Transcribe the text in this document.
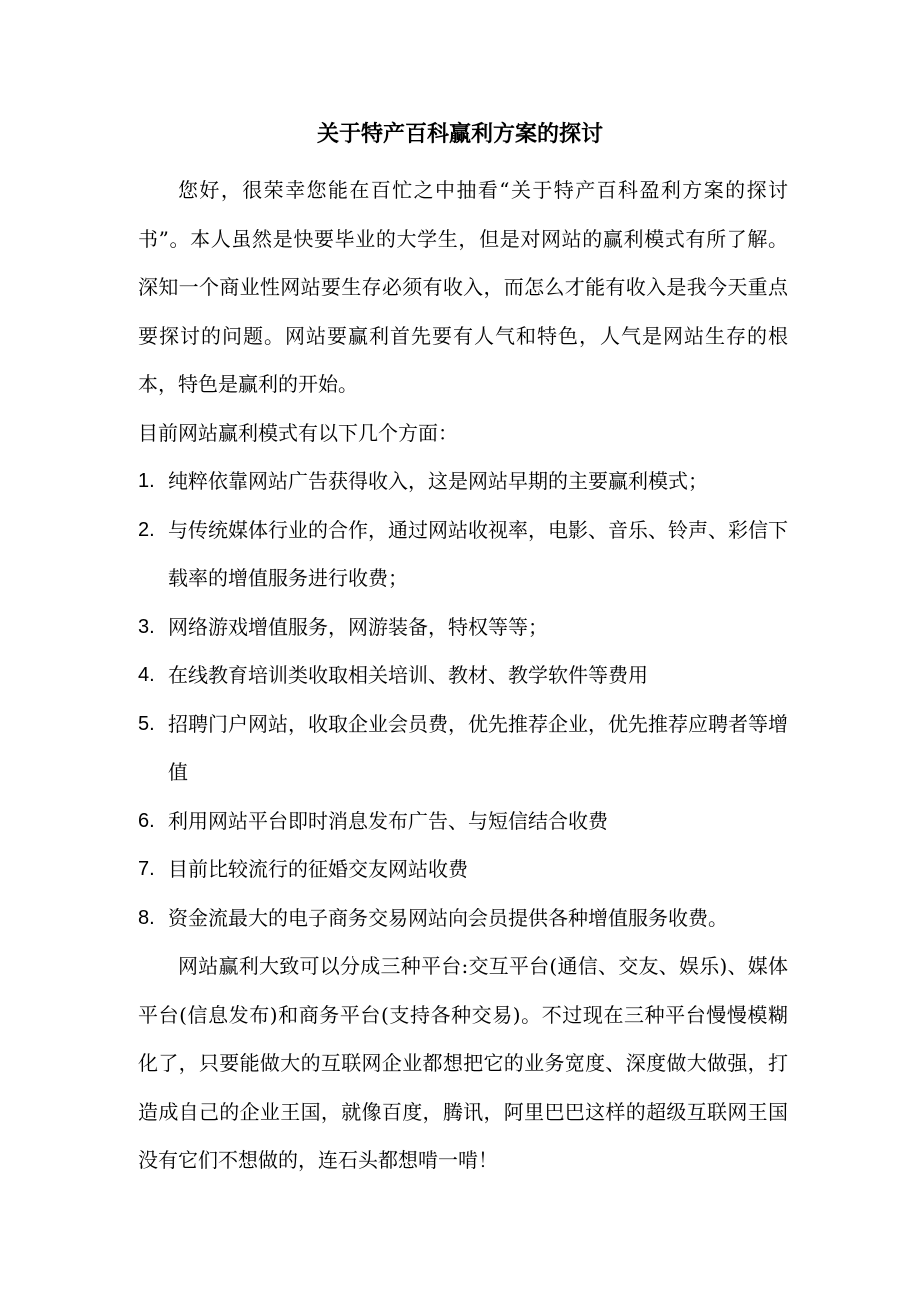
关于特产百科赢利方案的探讨

您好，很荣幸您能在百忙之中抽看“关于特产百科盈利方案的探讨书”。本人虽然是快要毕业的大学生，但是对网站的赢利模式有所了解。深知一个商业性网站要生存必须有收入，而怎么才能有收入是我今天重点要探讨的问题。网站要赢利首先要有人气和特色，人气是网站生存的根本，特色是赢利的开始。

目前网站赢利模式有以下几个方面：

1. 纯粹依靠网站广告获得收入，这是网站早期的主要赢利模式；
2. 与传统媒体行业的合作，通过网站收视率，电影、音乐、铃声、彩信下载率的增值服务进行收费；
3. 网络游戏增值服务，网游装备，特权等等；
4. 在线教育培训类收取相关培训、教材、教学软件等费用
5. 招聘门户网站，收取企业会员费，优先推荐企业，优先推荐应聘者等增值
6. 利用网站平台即时消息发布广告、与短信结合收费
7. 目前比较流行的征婚交友网站收费
8. 资金流最大的电子商务交易网站向会员提供各种增值服务收费。

网站赢利大致可以分成三种平台:交互平台(通信、交友、娱乐)、媒体平台(信息发布)和商务平台(支持各种交易)。不过现在三种平台慢慢模糊化了，只要能做大的互联网企业都想把它的业务宽度、深度做大做强，打造成自己的企业王国，就像百度，腾讯，阿里巴巴这样的超级互联网王国没有它们不想做的，连石头都想啃一啃！
